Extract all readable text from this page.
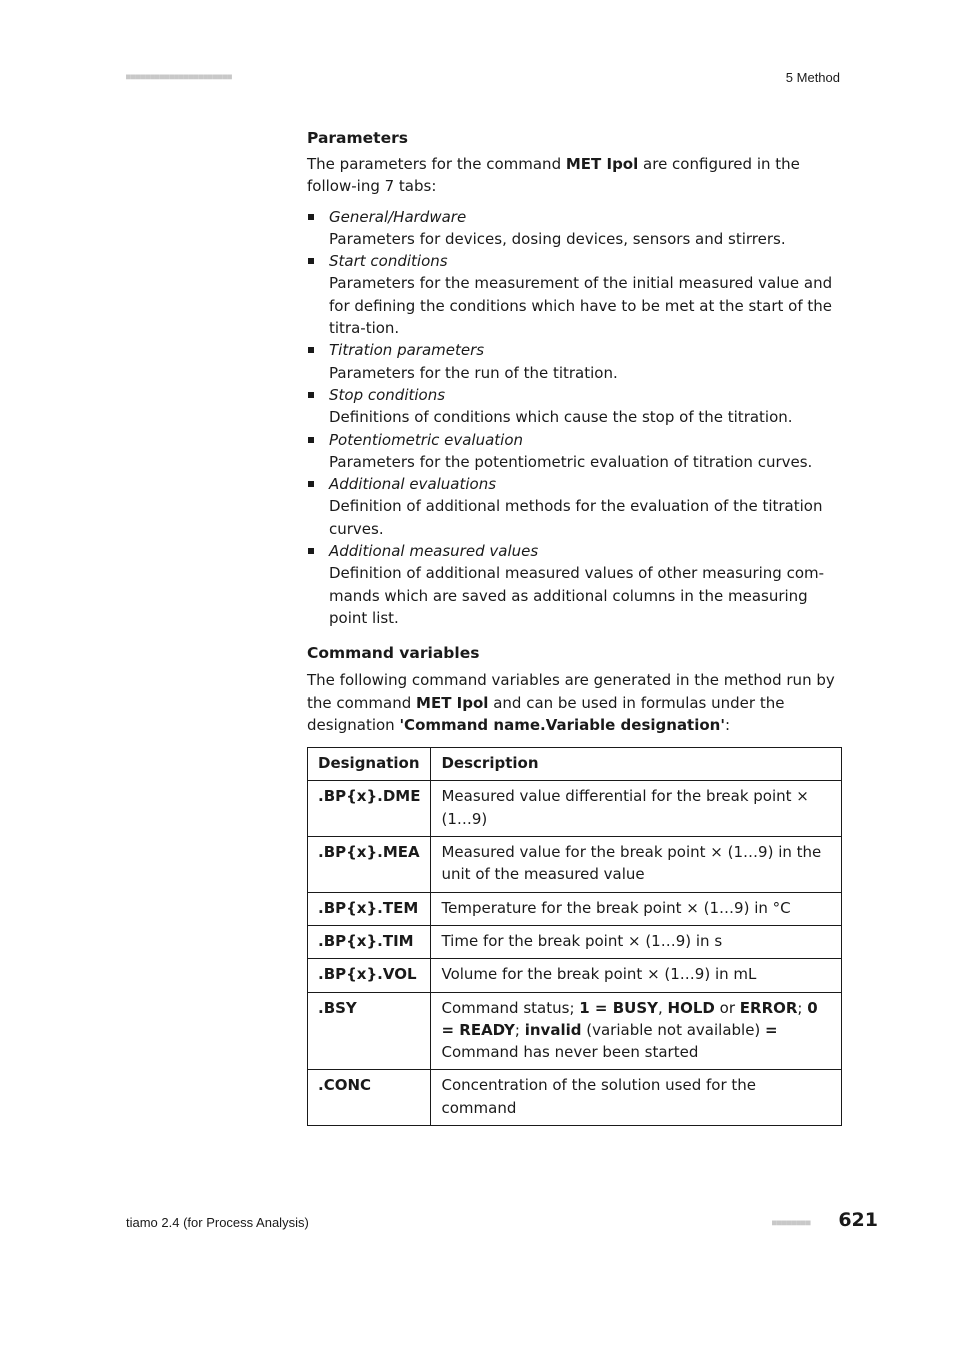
■■■■■■■■■■■■■■■■■■■■■■	5 Method
Parameters

The parameters for the command MET Ipol are configured in the follow-ing 7 tabs:

General/Hardware
Parameters for devices, dosing devices, sensors and stirrers.
Start conditions
Parameters for the measurement of the initial measured value and for defining the conditions which have to be met at the start of the titra-tion.
Titration parameters
Parameters for the run of the titration.
Stop conditions
Definitions of conditions which cause the stop of the titration.
Potentiometric evaluation
Parameters for the potentiometric evaluation of titration curves.
Additional evaluations
Definition of additional methods for the evaluation of the titration curves.
Additional measured values
Definition of additional measured values of other measuring com-mands which are saved as additional columns in the measuring point list.
Command variables

The following command variables are generated in the method run by the command MET Ipol and can be used in formulas under the designation 'Command name.Variable designation':

Designation	Description
.BP{x}.DME	Measured value differential for the break point × (1…9)
.BP{x}.MEA	Measured value for the break point × (1…9) in the unit of the measured value
.BP{x}.TEM	Temperature for the break point × (1…9) in °C
.BP{x}.TIM	Time for the break point × (1…9) in s
.BP{x}.VOL	Volume for the break point × (1…9) in mL
.BSY	Command status; 1 = BUSY, HOLD or ERROR; 0 = READY; invalid (variable not available) = Command has never been started
.CONC	Concentration of the solution used for the command
tiamo 2.4 (for Process Analysis)	■■■■■■■■ 621
